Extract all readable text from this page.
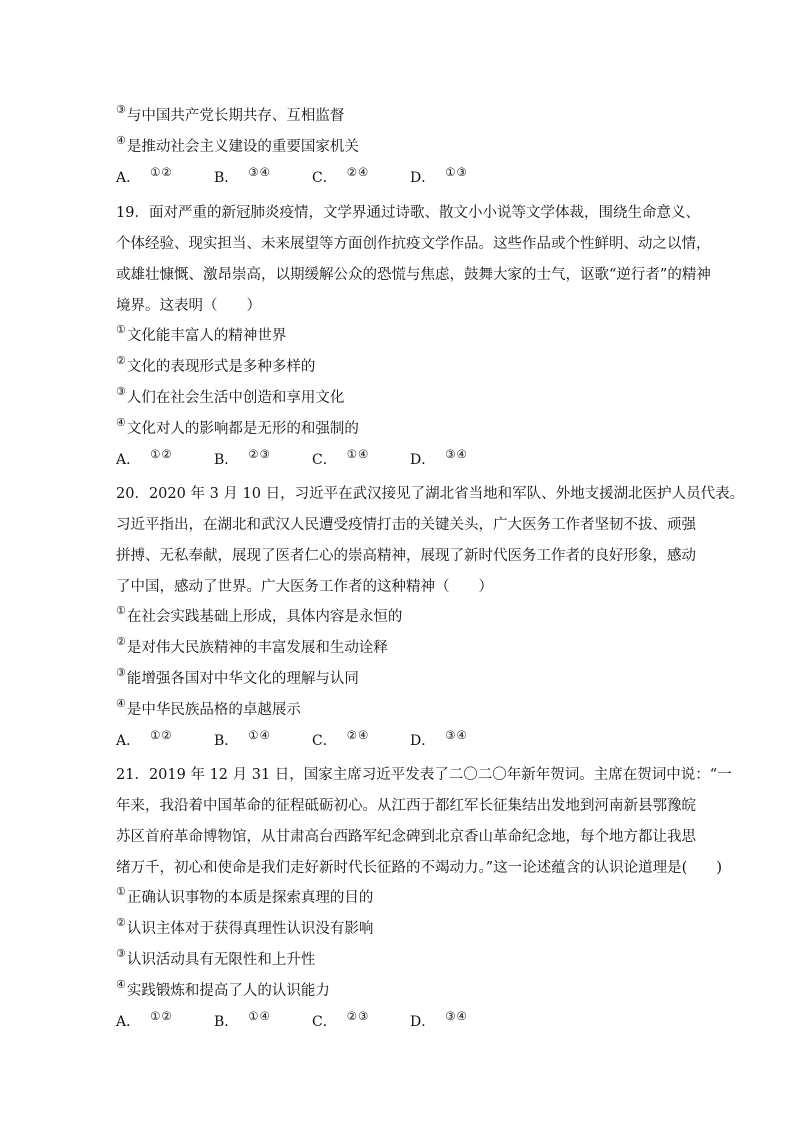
③与中国共产党长期共存、互相监督
④是推动社会主义建设的重要国家机关
A． ①②	B． ③④	C． ②④	D． ①③
19．面对严重的新冠肺炎疫情，文学界通过诗歌、散文小小说等文学体裁，围绕生命意义、
个体经验、现实担当、未来展望等方面创作抗疫文学作品。这些作品或个性鲜明、动之以情，
或雄壮慷慨、激昂崇高，以期缓解公众的恐慌与焦虑，鼓舞大家的士气，讴歌“逆行者”的精神
境界。这表明（　　）
①文化能丰富人的精神世界
②文化的表现形式是多种多样的
③人们在社会生活中创造和享用文化
④文化对人的影响都是无形的和强制的
A． ①②	B． ②③	C． ①④	D． ③④
20．2020 年 3 月 10 日，习近平在武汉接见了湖北省当地和军队、外地支援湖北医护人员代表。
习近平指出，在湖北和武汉人民遭受疫情打击的关键关头，广大医务工作者坚韧不拔、顽强
拼搏、无私奉献，展现了医者仁心的崇高精神，展现了新时代医务工作者的良好形象，感动
了中国，感动了世界。广大医务工作者的这种精神（　　）
①在社会实践基础上形成，具体内容是永恒的
②是对伟大民族精神的丰富发展和生动诠释
③能增强各国对中华文化的理解与认同
④是中华民族品格的卓越展示
A． ①②	B． ①④	C． ②④	D． ③④
21．2019 年 12 月 31 日，国家主席习近平发表了二〇二〇年新年贺词。主席在贺词中说：“一
年来，我沿着中国革命的征程砥砺初心。从江西于都红军长征集结出发地到河南新县鄂豫皖
苏区首府革命博物馆，从甘肃高台西路军纪念碑到北京香山革命纪念地，每个地方都让我思
绪万千，初心和使命是我们走好新时代长征路的不竭动力。”这一论述蕴含的认识论道理是(　　)
①正确认识事物的本质是探索真理的目的
②认识主体对于获得真理性认识没有影响
③认识活动具有无限性和上升性
④实践锻炼和提高了人的认识能力
A． ①②	B． ①④	C． ②③	D． ③④
